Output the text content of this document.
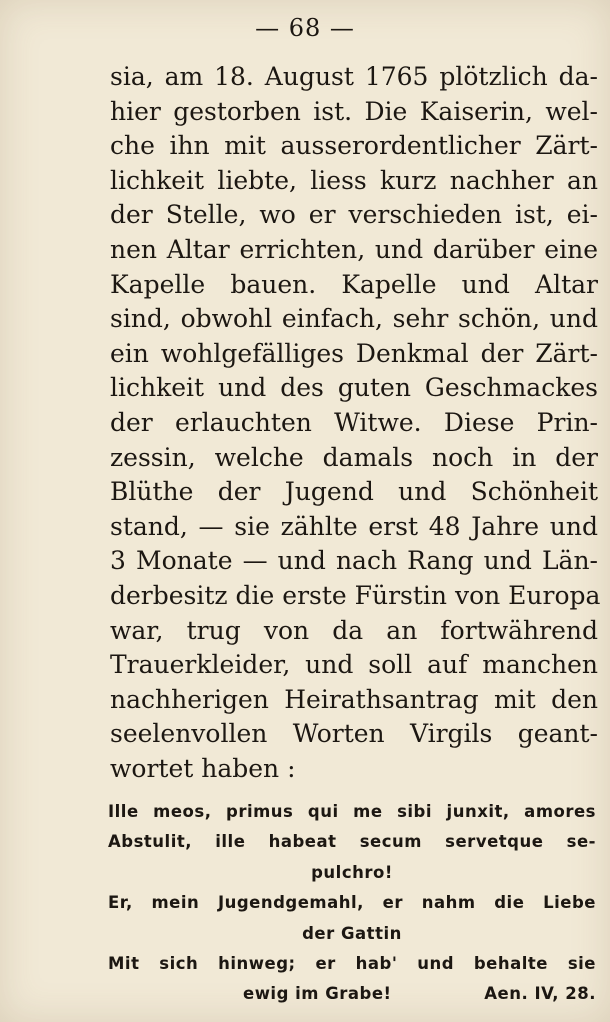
— 68 —
sia, am 18. August 1765 plötzlich da-
hier gestorben ist. Die Kaiserin, wel-
che ihn mit ausserordentlicher Zärt-
lichkeit liebte, liess kurz nachher an
der Stelle, wo er verschieden ist, ei-
nen Altar errichten, und darüber eine
Kapelle bauen. Kapelle und Altar
sind, obwohl einfach, sehr schön, und
ein wohlgefälliges Denkmal der Zärt-
lichkeit und des guten Geschmackes
der erlauchten Witwe. Diese Prin-
zessin, welche damals noch in der
Blüthe der Jugend und Schönheit
stand, — sie zählte erst 48 Jahre und
3 Monate — und nach Rang und Län-
derbesitz die erste Fürstin von Europa
war, trug von da an fortwährend
Trauerkleider, und soll auf manchen
nachherigen Heirathsantrag mit den
seelenvollen Worten Virgils geant-
wortet haben :
Ille meos, primus qui me sibi junxit, amores
Abstulit, ille habeat secum servetque se-
pulchro!
Er, mein Jugendgemahl, er nahm die Liebe
der Gattin
Mit sich hinweg; er hab' und behalte sie
ewig im Grabe!	Aen. IV, 28.
